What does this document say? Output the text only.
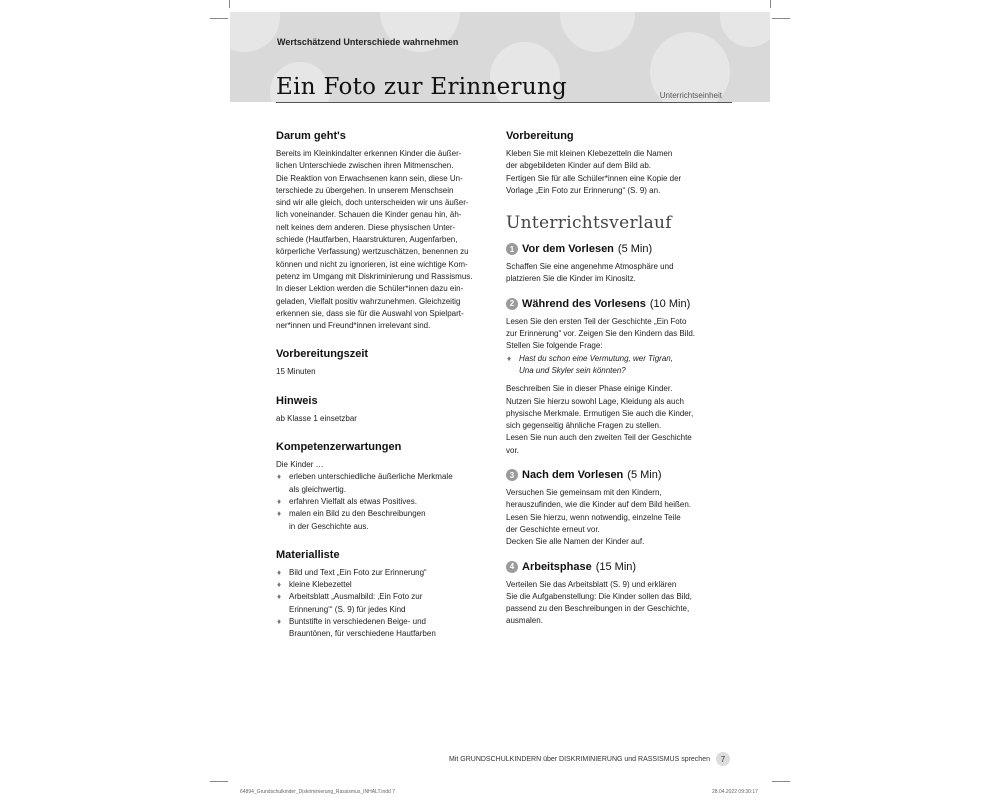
Wertschätzend Unterschiede wahrnehmen
Ein Foto zur Erinnerung	Unterrichtseinheit
Darum geht's

Bereits im Kleinkindalter erkennen Kinder die äußer-
lichen Unterschiede zwischen ihren Mitmenschen.
Die Reaktion von Erwachsenen kann sein, diese Un-
terschiede zu übergehen. In unserem Menschsein
sind wir alle gleich, doch unterscheiden wir uns äußer-
lich voneinander. Schauen die Kinder genau hin, äh-
nelt keines dem anderen. Diese physischen Unter-
schiede (Hautfarben, Haarstrukturen, Augenfarben,
körperliche Verfassung) wertzuschätzen, benennen zu
können und nicht zu ignorieren, ist eine wichtige Kom-
petenz im Umgang mit Diskriminierung und Rassismus.
In dieser Lektion werden die Schüler*innen dazu ein-
geladen, Vielfalt positiv wahrzunehmen. Gleichzeitig
erkennen sie, dass sie für die Auswahl von Spielpart-
ner*innen und Freund*innen irrelevant sind.

Vorbereitungszeit

15 Minuten

Hinweis

ab Klasse 1 einsetzbar

Kompetenzerwartungen

Die Kinder …

♦ erleben unterschiedliche äußerliche Merkmale
als gleichwertig.
♦ erfahren Vielfalt als etwas Positives.
♦ malen ein Bild zu den Beschreibungen
in der Geschichte aus.
Materialliste
♦ Bild und Text „Ein Foto zur Erinnerung“
♦ kleine Klebezettel
♦ Arbeitsblatt „Ausmalbild: ‚Ein Foto zur
Erinnerung‘“ (S. 9) für jedes Kind
♦ Buntstifte in verschiedenen Beige- und
Brauntönen, für verschiedene Hautfarben
Vorbereitung

Kleben Sie mit kleinen Klebezetteln die Namen
der abgebildeten Kinder auf dem Bild ab.
Fertigen Sie für alle Schüler*innen eine Kopie der
Vorlage „Ein Foto zur Erinnerung“ (S. 9) an.

Unterrichtsverlauf
1 Vor dem Vorlesen (5 Min)

Schaffen Sie eine angenehme Atmosphäre und
platzieren Sie die Kinder im Kinositz.

2 Während des Vorlesens (10 Min)

Lesen Sie den ersten Teil der Geschichte „Ein Foto
zur Erinnerung“ vor. Zeigen Sie den Kindern das Bild.
Stellen Sie folgende Frage:

♦ Hast du schon eine Vermutung, wer Tigran,
Una und Skyler sein könnten?

Beschreiben Sie in dieser Phase einige Kinder.
Nutzen Sie hierzu sowohl Lage, Kleidung als auch
physische Merkmale. Ermutigen Sie auch die Kinder,
sich gegenseitig ähnliche Fragen zu stellen.
Lesen Sie nun auch den zweiten Teil der Geschichte
vor.

3 Nach dem Vorlesen (5 Min)

Versuchen Sie gemeinsam mit den Kindern,
herauszufinden, wie die Kinder auf dem Bild heißen.
Lesen Sie hierzu, wenn notwendig, einzelne Teile
der Geschichte erneut vor.
Decken Sie alle Namen der Kinder auf.

4 Arbeitsphase (15 Min)

Verteilen Sie das Arbeitsblatt (S. 9) und erklären
Sie die Aufgabenstellung: Die Kinder sollen das Bild,
passend zu den Beschreibungen in der Geschichte,
ausmalen.

Mit GRUNDSCHULKINDERN über DISKRIMINIERUNG und RASSISMUS sprechen	7
64894_Grundschulkinder_Diskriminierung_Rassismus_INHALT.indd 7	28.04.2022 09:30:17
